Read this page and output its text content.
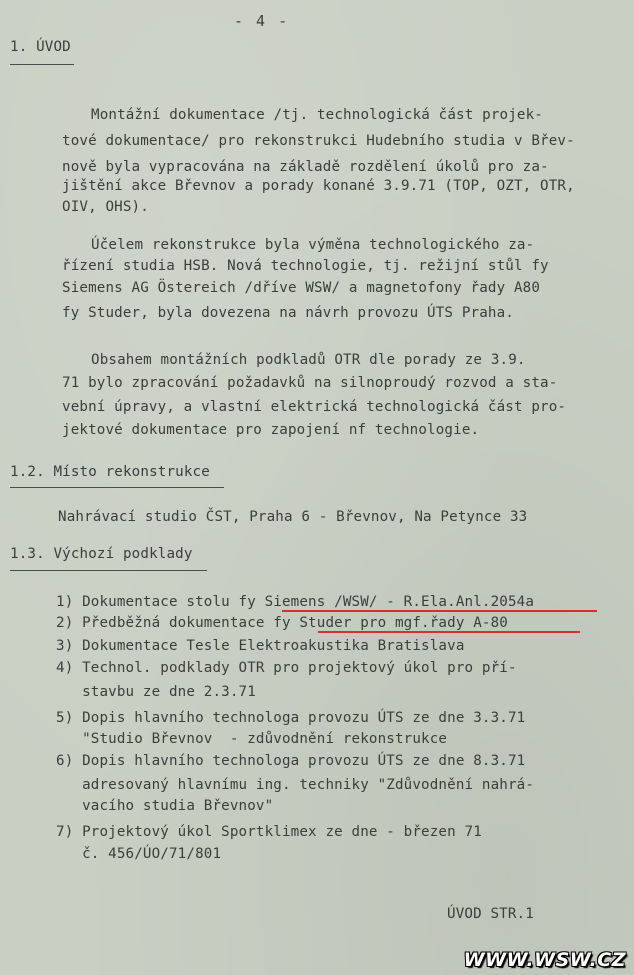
- 4 -

1. ÚVOD

Montážní dokumentace /tj. technologická část projek-

tové dokumentace/ pro rekonstrukci Hudebního studia v Břev-

nově byla vypracována na základě rozdělení úkolů pro za-

jištění akce Břevnov a porady konané 3.9.71 (TOP, OZT, OTR,

OIV, OHS).

Účelem rekonstrukce byla výměna technologického za-

řízení studia HSB. Nová technologie, tj. režijní stůl fy

Siemens AG Östereich /dříve WSW/ a magnetofony řady A80

fy Studer, byla dovezena na návrh provozu ÚTS Praha.

Obsahem montážních podkladů OTR dle porady ze 3.9.

71 bylo zpracování požadavků na silnoproudý rozvod a sta-

vební úpravy, a vlastní elektrická technologická část pro-

jektové dokumentace pro zapojení nf technologie.

1.2. Místo rekonstrukce

Nahrávací studio ČST, Praha 6 - Břevnov, Na Petynce 33

1.3. Výchozí podklady

1) Dokumentace stolu fy Siemens /WSW/ - R.Ela.Anl.2054a

2) Předběžná dokumentace fy Studer pro mgf.řady A-80

3) Dokumentace Tesle Elektroakustika Bratislava

4) Technol. podklady OTR pro projektový úkol pro pří-

stavbu ze dne 2.3.71

5) Dopis hlavního technologa provozu ÚTS ze dne 3.3.71

"Studio Břevnov  - zdůvodnění rekonstrukce

6) Dopis hlavního technologa provozu ÚTS ze dne 8.3.71

adresovaný hlavnímu ing. techniky "Zdůvodnění nahrá-

vacího studia Břevnov"

7) Projektový úkol Sportklimex ze dne - březen 71

č. 456/ÚO/71/801

ÚVOD STR.1

WWW.WSW.CZ
